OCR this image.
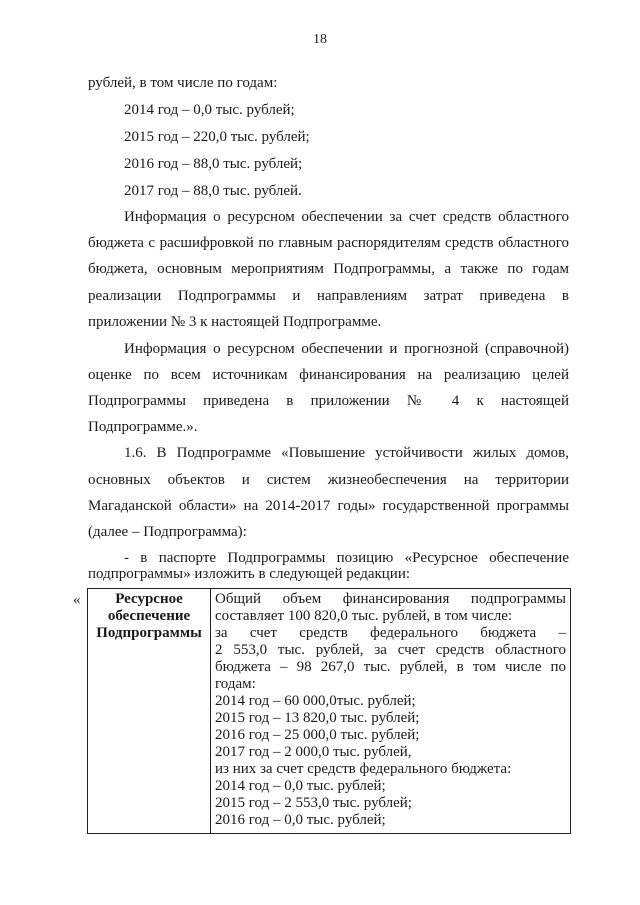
18
рублей, в том числе по годам:
2014 год – 0,0 тыс. рублей;
2015 год – 220,0 тыс. рублей;
2016 год – 88,0 тыс. рублей;
2017 год – 88,0 тыс. рублей.
Информация о ресурсном обеспечении за счет средств областного
бюджета с расшифровкой по главным распорядителям средств областного
бюджета, основным мероприятиям Подпрограммы, а также по годам
реализации Подпрограммы и направлениям затрат приведена в
приложении № 3 к настоящей Подпрограмме.
Информация о ресурсном обеспечении и прогнозной (справочной)
оценке по всем источникам финансирования на реализацию целей
Подпрограммы приведена в приложении № 4 к настоящей
Подпрограмме.».
1.6. В Подпрограмме «Повышение устойчивости жилых домов,
основных объектов и систем жизнеобеспечения на территории
Магаданской области» на 2014-2017 годы» государственной программы
(далее – Подпрограмма):
- в паспорте Подпрограммы позицию «Ресурсное обеспечение
подпрограммы» изложить в следующей редакции:
«	Ресурсное
обеспечение
Подпрограммы

Общий объем финансирования подпрограммы
составляет 100 820,0 тыс. рублей, в том числе:
за счет средств федерального бюджета –
2 553,0 тыс. рублей, за счет средств областного
бюджета – 98 267,0 тыс. рублей, в том числе по
годам:
2014 год – 60 000,0тыс. рублей;
2015 год – 13 820,0 тыс. рублей;
2016 год – 25 000,0 тыс. рублей;
2017 год – 2 000,0 тыс. рублей,
из них за счет средств федерального бюджета:
2014 год – 0,0 тыс. рублей;
2015 год – 2 553,0 тыс. рублей;
2016 год – 0,0 тыс. рублей;
